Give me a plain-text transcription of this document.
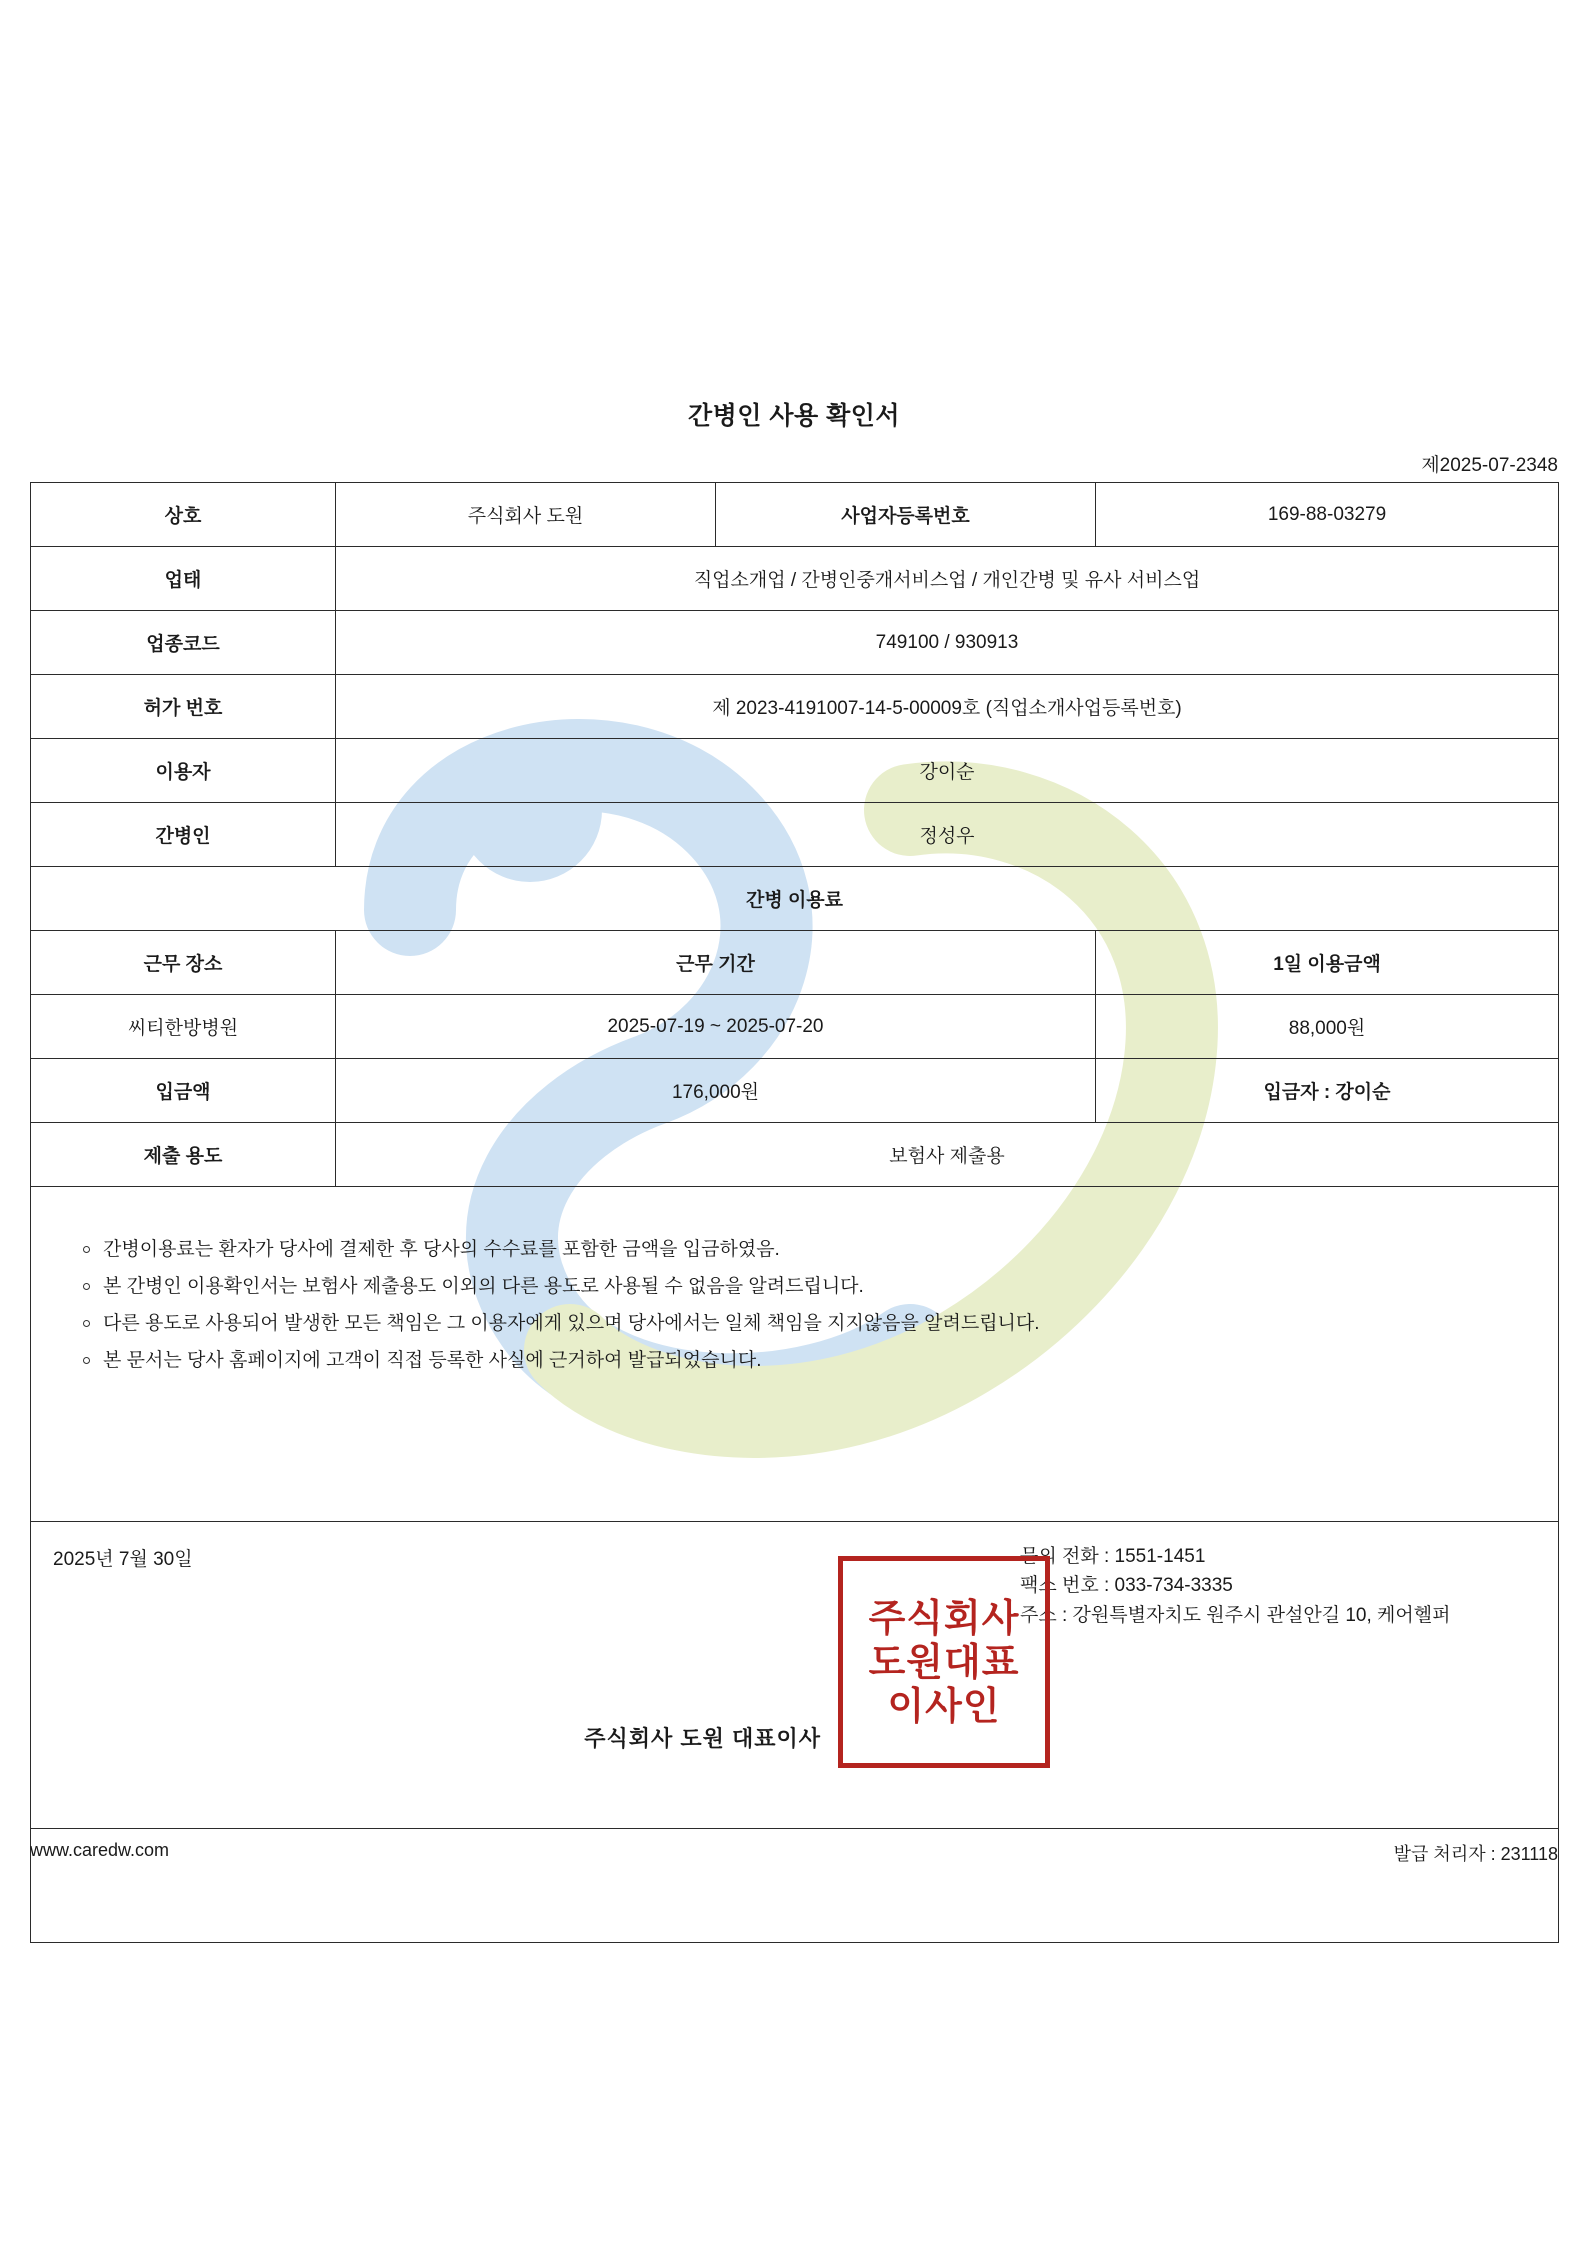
간병인 사용 확인서
제2025-07-2348
상호	주식회사 도원	사업자등록번호	169-88-03279
업태	직업소개업 / 간병인중개서비스업 / 개인간병 및 유사 서비스업		
업종코드	749100 / 930913		
허가 번호	제 2023-4191007-14-5-00009호 (직업소개사업등록번호)		
이용자	강이순		
간병인	정성우		
간병 이용료			
근무 장소	근무 기간		1일 이용금액
씨티한방병원	2025-07-19 ~ 2025-07-20		88,000원
입금액	176,000원		입금자 : 강이순
제출 용도	보험사 제출용		

간병이용료는 환자가 당사에 결제한 후 당사의 수수료를 포함한 금액을 입금하였음.
본 간병인 이용확인서는 보험사 제출용도 이외의 다른 용도로 사용될 수 없음을 알려드립니다.
다른 용도로 사용되어 발생한 모든 책임은 그 이용자에게 있으며 당사에서는 일체 책임을 지지않음을 알려드립니다.
본 문서는 당사 홈페이지에 고객이 직접 등록한 사실에 근거하여 발급되었습니다.

2025년 7월 30일 문의 전화 : 1551-1451
팩스 번호 : 033-734-3335
주소 : 강원특별자치도 원주시 관설안길 10, 케어헬퍼
주식회사 도원 대표이사			
주식회사
도원대표
이사인
www.caredw.com	발급 처리자 : 231118
